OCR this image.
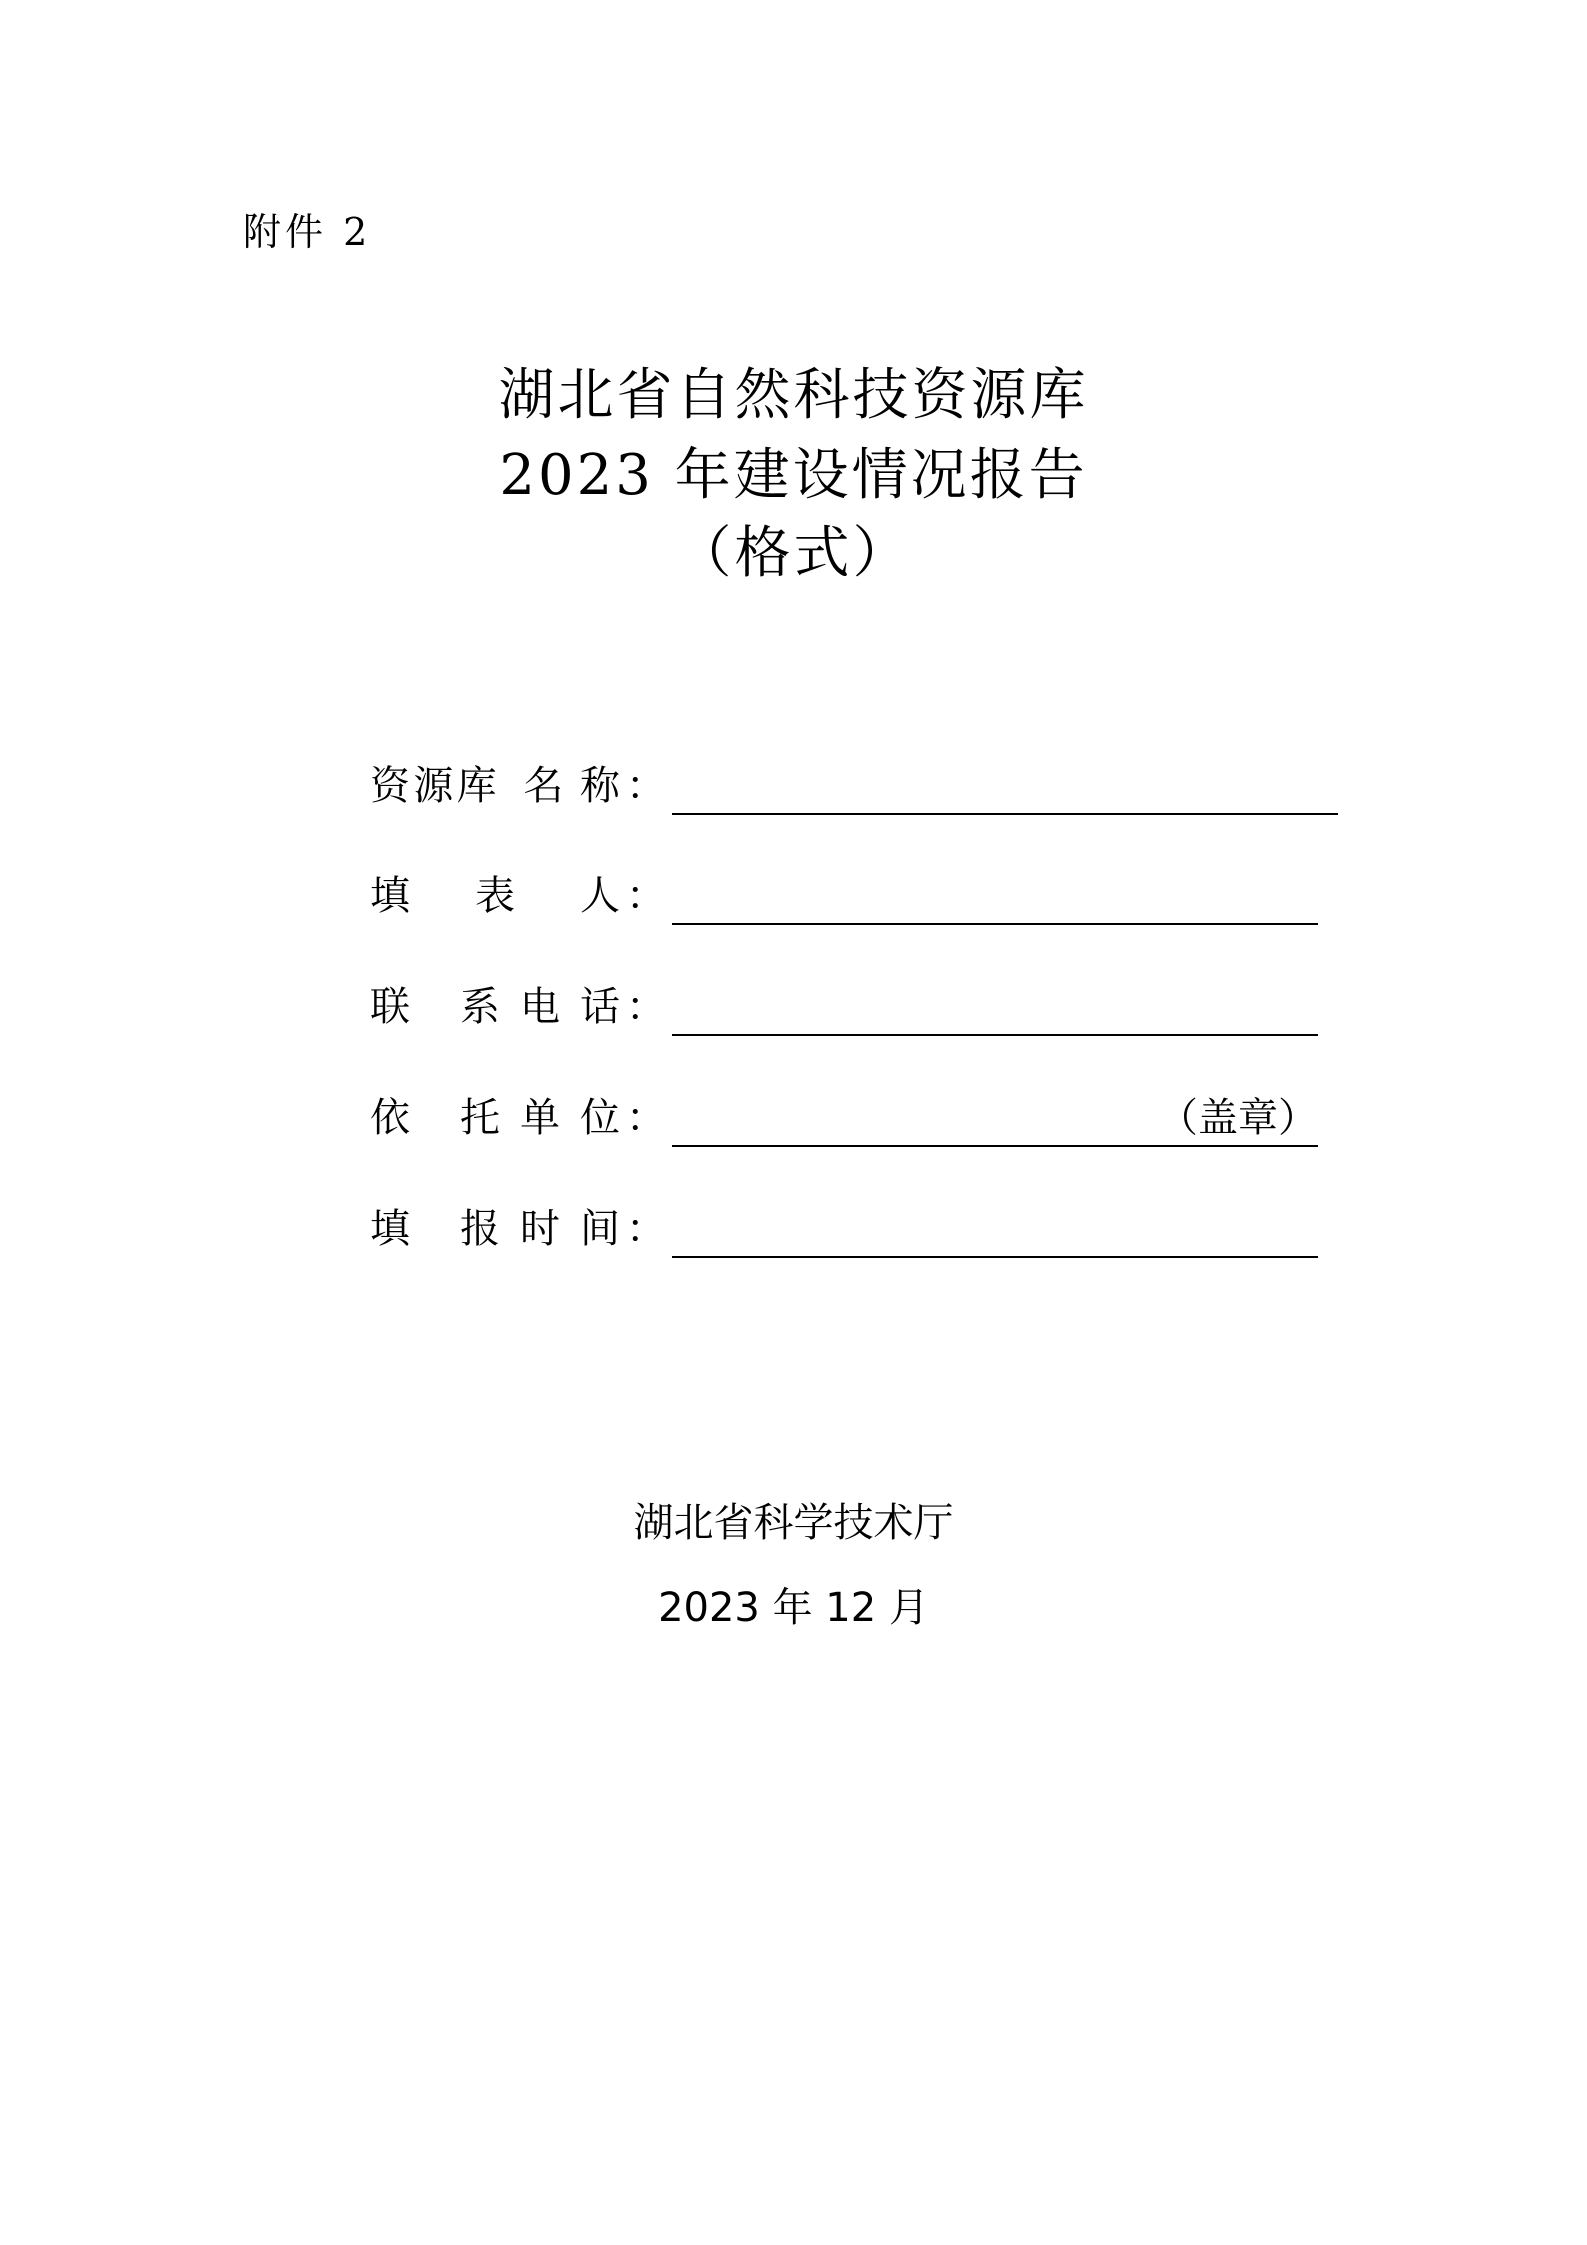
附件 2
湖北省自然科技资源库
2023 年建设情况报告
（格式）
资 源 库 名 称 ：
填 表 人 ：
联 系 电 话 ：
依 托 单 位 ：	（盖章）
填 报 时 间 ：
湖北省科学技术厅
2023 年 12 月
